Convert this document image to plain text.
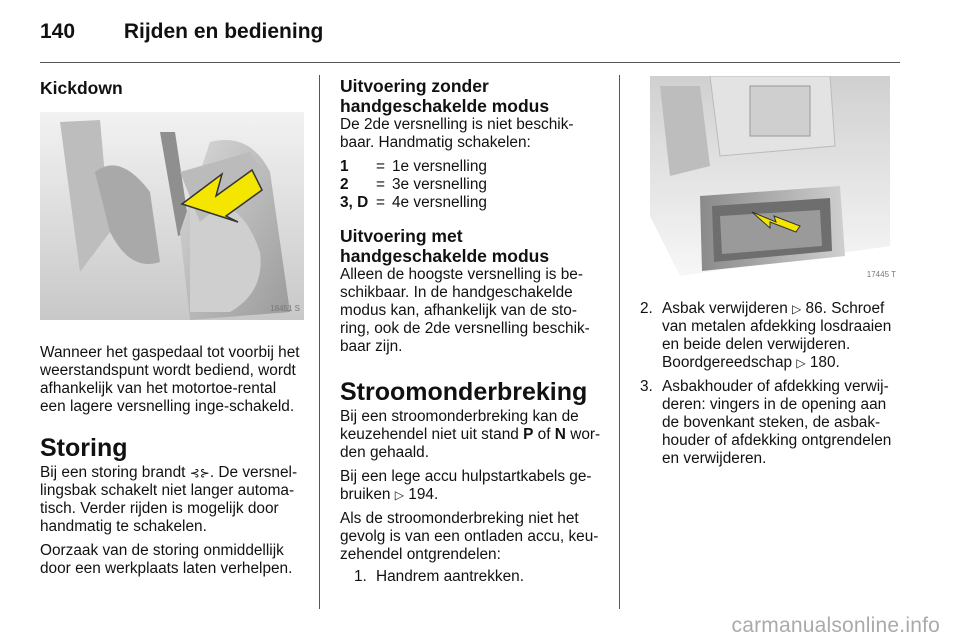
140 Rijden en bediening
Kickdown
18451 S

Wanneer het gaspedaal tot voorbij het weerstandspunt wordt bediend, wordt afhankelijk van het motortoe-rental een lagere versnelling inge-schakeld.

Storing

Bij een storing brandt ⊰⊱. De versnel-lingsbak schakelt niet langer automa-tisch. Verder rijden is mogelijk door handmatig te schakelen.

Oorzaak van de storing onmiddellijk door een werkplaats laten verhelpen.

Uitvoering zonder handgeschakelde modus

De 2de versnelling is niet beschik-baar. Handmatig schakelen:

1	= 1e versnelling
2	= 3e versnelling
3, D = 4e versnelling
Uitvoering met handgeschakelde modus

Alleen de hoogste versnelling is be-schikbaar. In de handgeschakelde modus kan, afhankelijk van de sto-ring, ook de 2de versnelling beschik-baar zijn.

Stroomonderbreking

Bij een stroomonderbreking kan de keuzehendel niet uit stand P of N wor-den gehaald.

Bij een lege accu hulpstartkabels ge-bruiken ▷ 194.

Als de stroomonderbreking niet het gevolg is van een ontladen accu, keu-zehendel ontgrendelen:

1. Handrem aantrekken.
17445 T
2. Asbak verwijderen ▷ 86. Schroef van metalen afdekking losdraaien en beide delen verwijderen. Boordgereedschap ▷ 180.
3. Asbakhouder of afdekking verwij-deren: vingers in de opening aan de bovenkant steken, de asbak-houder of afdekking ontgrendelen en verwijderen.
carmanualsonline.info
